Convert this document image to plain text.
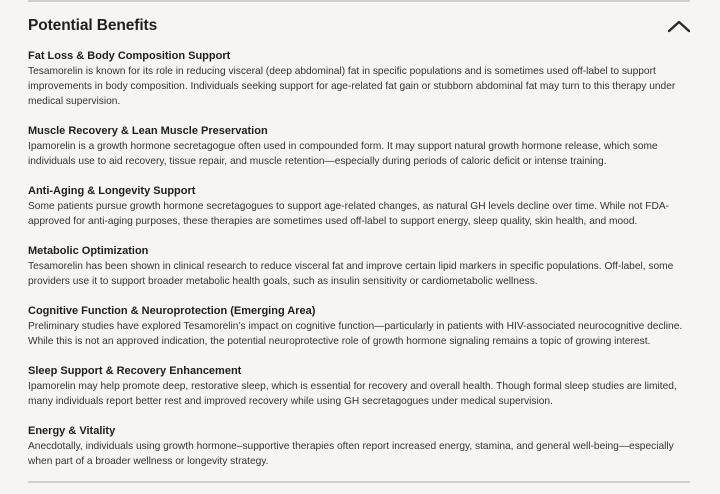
Potential Benefits

Fat Loss & Body Composition Support

Tesamorelin is known for its role in reducing visceral (deep abdominal) fat in specific populations and is sometimes used off-label to support improvements in body composition. Individuals seeking support for age-related fat gain or stubborn abdominal fat may turn to this therapy under medical supervision.

Muscle Recovery & Lean Muscle Preservation

Ipamorelin is a growth hormone secretagogue often used in compounded form. It may support natural growth hormone release, which some individuals use to aid recovery, tissue repair, and muscle retention—especially during periods of caloric deficit or intense training.

Anti-Aging & Longevity Support

Some patients pursue growth hormone secretagogues to support age-related changes, as natural GH levels decline over time. While not FDA-approved for anti-aging purposes, these therapies are sometimes used off-label to support energy, sleep quality, skin health, and mood.

Metabolic Optimization

Tesamorelin has been shown in clinical research to reduce visceral fat and improve certain lipid markers in specific populations. Off-label, some providers use it to support broader metabolic health goals, such as insulin sensitivity or cardiometabolic wellness.

Cognitive Function & Neuroprotection (Emerging Area)

Preliminary studies have explored Tesamorelin’s impact on cognitive function—particularly in patients with HIV-associated neurocognitive decline. While this is not an approved indication, the potential neuroprotective role of growth hormone signaling remains a topic of growing interest.

Sleep Support & Recovery Enhancement

Ipamorelin may help promote deep, restorative sleep, which is essential for recovery and overall health. Though formal sleep studies are limited, many individuals report better rest and improved recovery while using GH secretagogues under medical supervision.

Energy & Vitality

Anecdotally, individuals using growth hormone–supportive therapies often report increased energy, stamina, and general well-being—especially when part of a broader wellness or longevity strategy.
